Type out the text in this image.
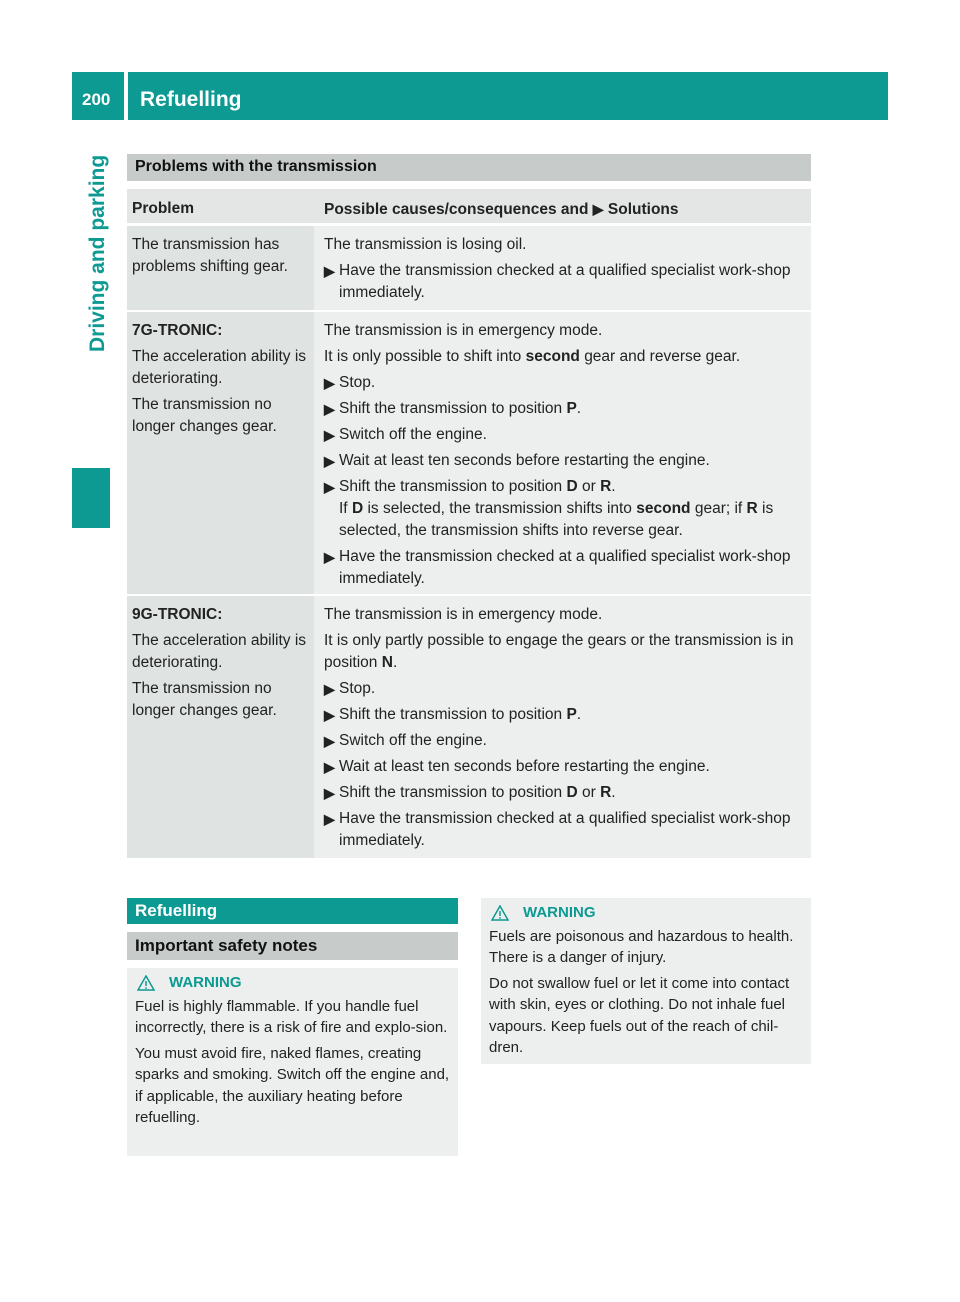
200 Refuelling
Driving and parking Problems with the transmission
Problem	Possible causes/consequences and ▶ Solutions

The transmission has problems shifting gear.

The transmission is losing oil.

▶ Have the transmission checked at a qualified specialist work-shop immediately.

7G-TRONIC:

The acceleration ability is deteriorating.

The transmission no longer changes gear.

The transmission is in emergency mode.

It is only possible to shift into second gear and reverse gear.

▶ Stop.
▶ Shift the transmission to position P.
▶ Switch off the engine.
▶ Wait at least ten seconds before restarting the engine.
▶ Shift the transmission to position D or R.
If D is selected, the transmission shifts into second gear; if R is selected, the transmission shifts into reverse gear.
▶ Have the transmission checked at a qualified specialist work-shop immediately.

9G-TRONIC:

The acceleration ability is deteriorating.

The transmission no longer changes gear.

The transmission is in emergency mode.

It is only partly possible to engage the gears or the transmission is in position N.

▶ Stop.
▶ Shift the transmission to position P.
▶ Switch off the engine.
▶ Wait at least ten seconds before restarting the engine.
▶ Shift the transmission to position D or R.
▶ Have the transmission checked at a qualified specialist work-shop immediately.
Refuelling
Important safety notes
WARNING

Fuel is highly flammable. If you handle fuel incorrectly, there is a risk of fire and explo-sion.

You must avoid fire, naked flames, creating sparks and smoking. Switch off the engine and, if applicable, the auxiliary heating before refuelling.

WARNING

Fuels are poisonous and hazardous to health. There is a danger of injury.

Do not swallow fuel or let it come into contact with skin, eyes or clothing. Do not inhale fuel vapours. Keep fuels out of the reach of chil-dren.
